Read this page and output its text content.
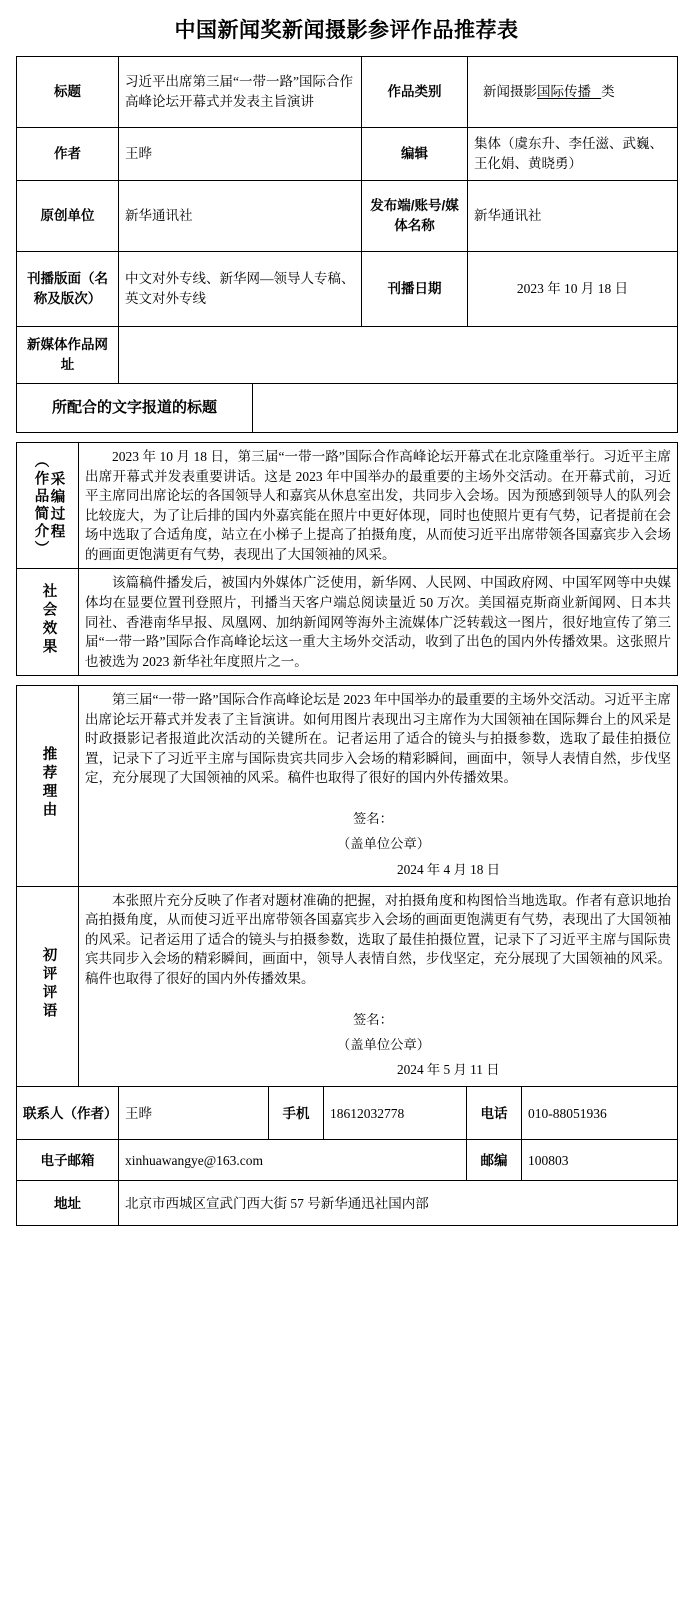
中国新闻奖新闻摄影参评作品推荐表
标题	习近平出席第三届“一带一路”国际合作高峰论坛开幕式并发表主旨演讲	作品类别	新闻摄影国际传播 类
作者	王晔	编辑	集体（虞东升、李任滋、武巍、王化娟、黄晓勇）
原创单位	新华通讯社	发布端/账号/媒体名称	新华通讯社
刊播版面（名称及版次）	中文对外专线、新华网—领导人专稿、英文对外专线	刊播日期	2023 年 10 月 18 日
新媒体作品网址			
所配合的文字报道的标题	

采编过程
（作品简介）	2023 年 10 月 18 日，第三届“一带一路”国际合作高峰论坛开幕式在北京隆重举行。习近平主席出席开幕式并发表重要讲话。这是 2023 年中国举办的最重要的主场外交活动。在开幕式前，习近平主席同出席论坛的各国领导人和嘉宾从休息室出发，共同步入会场。因为预感到领导人的队列会比较庞大，为了让后排的国内外嘉宾能在照片中更好体现，同时也使照片更有气势，记者提前在会场中选取了合适角度，站立在小梯子上提高了拍摄角度，从而使习近平出席带领各国嘉宾步入会场的画面更饱满更有气势，表现出了大国领袖的风采。

社会效果	该篇稿件播发后，被国内外媒体广泛使用，新华网、人民网、中国政府网、中国军网等中央媒体均在显要位置刊登照片，刊播当天客户端总阅读量近 50 万次。美国福克斯商业新闻网、日本共同社、香港南华早报、凤凰网、加纳新闻网等海外主流媒体广泛转载这一图片，很好地宣传了第三届“一带一路”国际合作高峰论坛这一重大主场外交活动，收到了出色的国内外传播效果。这张照片也被选为 2023 新华社年度照片之一。

推荐理由	第三届“一带一路”国际合作高峰论坛是 2023 年中国举办的最重要的主场外交活动。习近平主席出席论坛开幕式并发表了主旨演讲。如何用图片表现出习主席作为大国领袖在国际舞台上的风采是时政摄影记者报道此次活动的关键所在。记者运用了适合的镜头与拍摄参数，选取了最佳拍摄位置，记录下了习近平主席与国际贵宾共同步入会场的精彩瞬间，画面中，领导人表情自然，步伐坚定，充分展现了大国领袖的风采。稿件也取得了很好的国内外传播效果。

签名：
（盖单位公章）
2024 年 4 月 18 日

初评评语	本张照片充分反映了作者对题材准确的把握，对拍摄角度和构图恰当地选取。作者有意识地抬高拍摄角度，从而使习近平出席带领各国嘉宾步入会场的画面更饱满更有气势，表现出了大国领袖的风采。记者运用了适合的镜头与拍摄参数，选取了最佳拍摄位置，记录下了习近平主席与国际贵宾共同步入会场的精彩瞬间，画面中，领导人表情自然，步伐坚定，充分展现了大国领袖的风采。稿件也取得了很好的国内外传播效果。

签名：
（盖单位公章）
2024 年 5 月 11 日
联系人（作者）	王晔	手机	18612032778	电话	010-88051936
电子邮箱	xinhuawangye@163.com			邮编	100803
地址	北京市西城区宣武门西大街 57 号新华通迅社国内部				
